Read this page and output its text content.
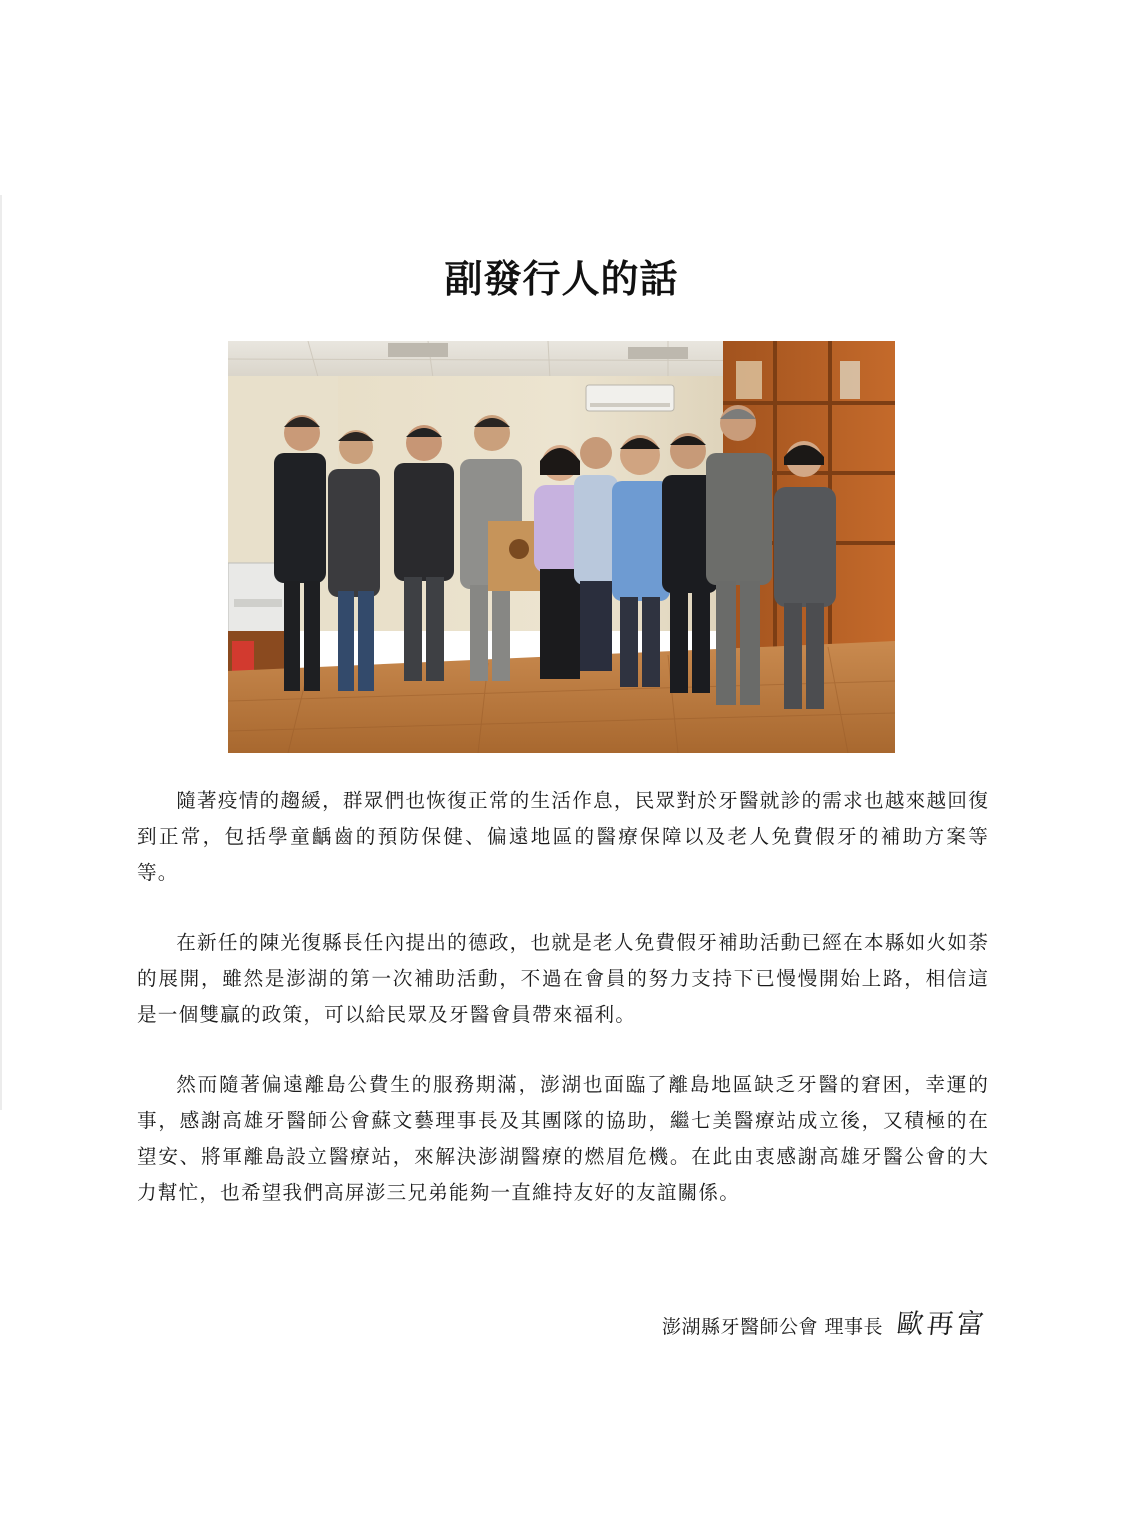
副發行人的話

隨著疫情的趨緩，群眾們也恢復正常的生活作息，民眾對於牙醫就診的需求也越來越回復到正常，包括學童齲齒的預防保健、偏遠地區的醫療保障以及老人免費假牙的補助方案等等。

在新任的陳光復縣長任內提出的德政，也就是老人免費假牙補助活動已經在本縣如火如荼的展開，雖然是澎湖的第一次補助活動，不過在會員的努力支持下已慢慢開始上路，相信這是一個雙贏的政策，可以給民眾及牙醫會員帶來福利。

然而隨著偏遠離島公費生的服務期滿，澎湖也面臨了離島地區缺乏牙醫的窘困，幸運的事，感謝高雄牙醫師公會蘇文藝理事長及其團隊的協助，繼七美醫療站成立後，又積極的在望安、將軍離島設立醫療站，來解決澎湖醫療的燃眉危機。在此由衷感謝高雄牙醫公會的大力幫忙，也希望我們高屏澎三兄弟能夠一直維持友好的友誼關係。

澎湖縣牙醫師公會 理事長 歐再富
